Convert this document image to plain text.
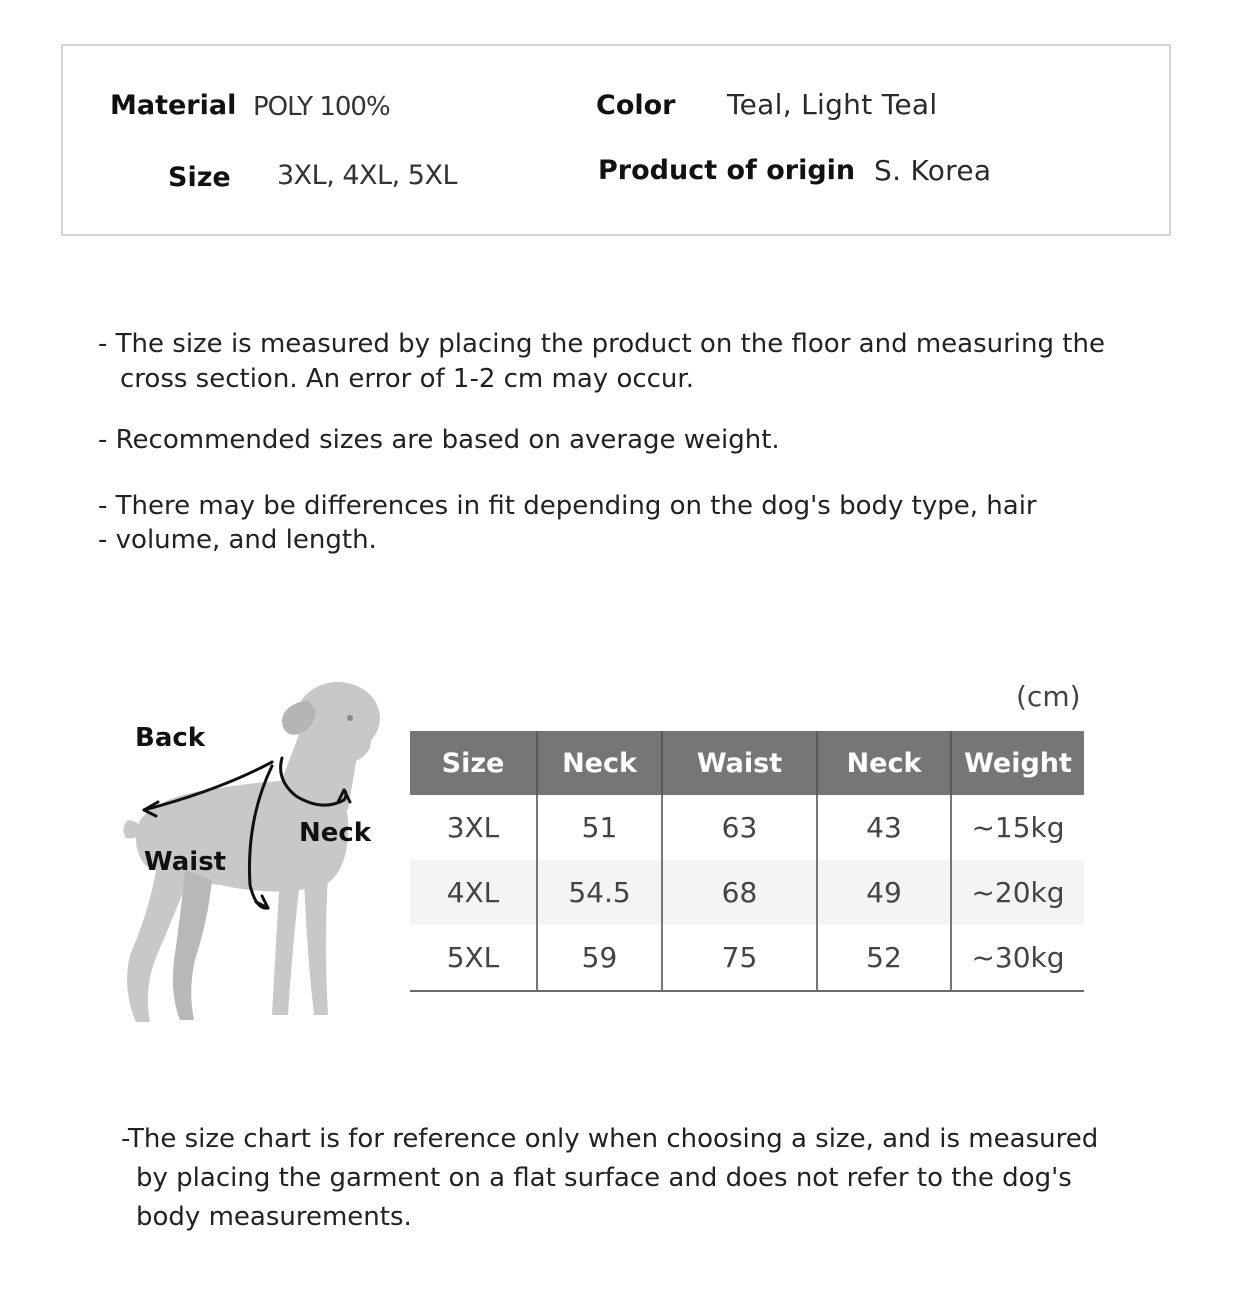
Material POLY 100%
Size 3XL, 4XL, 5XL
Color Teal, Light Teal
Product of origin S. Korea
- The size is measured by placing the product on the floor and measuring the
cross section. An error of 1-2 cm may occur.
- Recommended sizes are based on average weight.
- There may be differences in fit depending on the dog's body type, hair
- volume, and length.
Back
Neck
Waist
(cm)
Size	Neck	Waist	Neck	Weight
3XL	51	63	43	~15kg
4XL	54.5	68	49	~20kg
5XL	59	75	52	~30kg
-The size chart is for reference only when choosing a size, and is measured
by placing the garment on a flat surface and does not refer to the dog's
body measurements.
